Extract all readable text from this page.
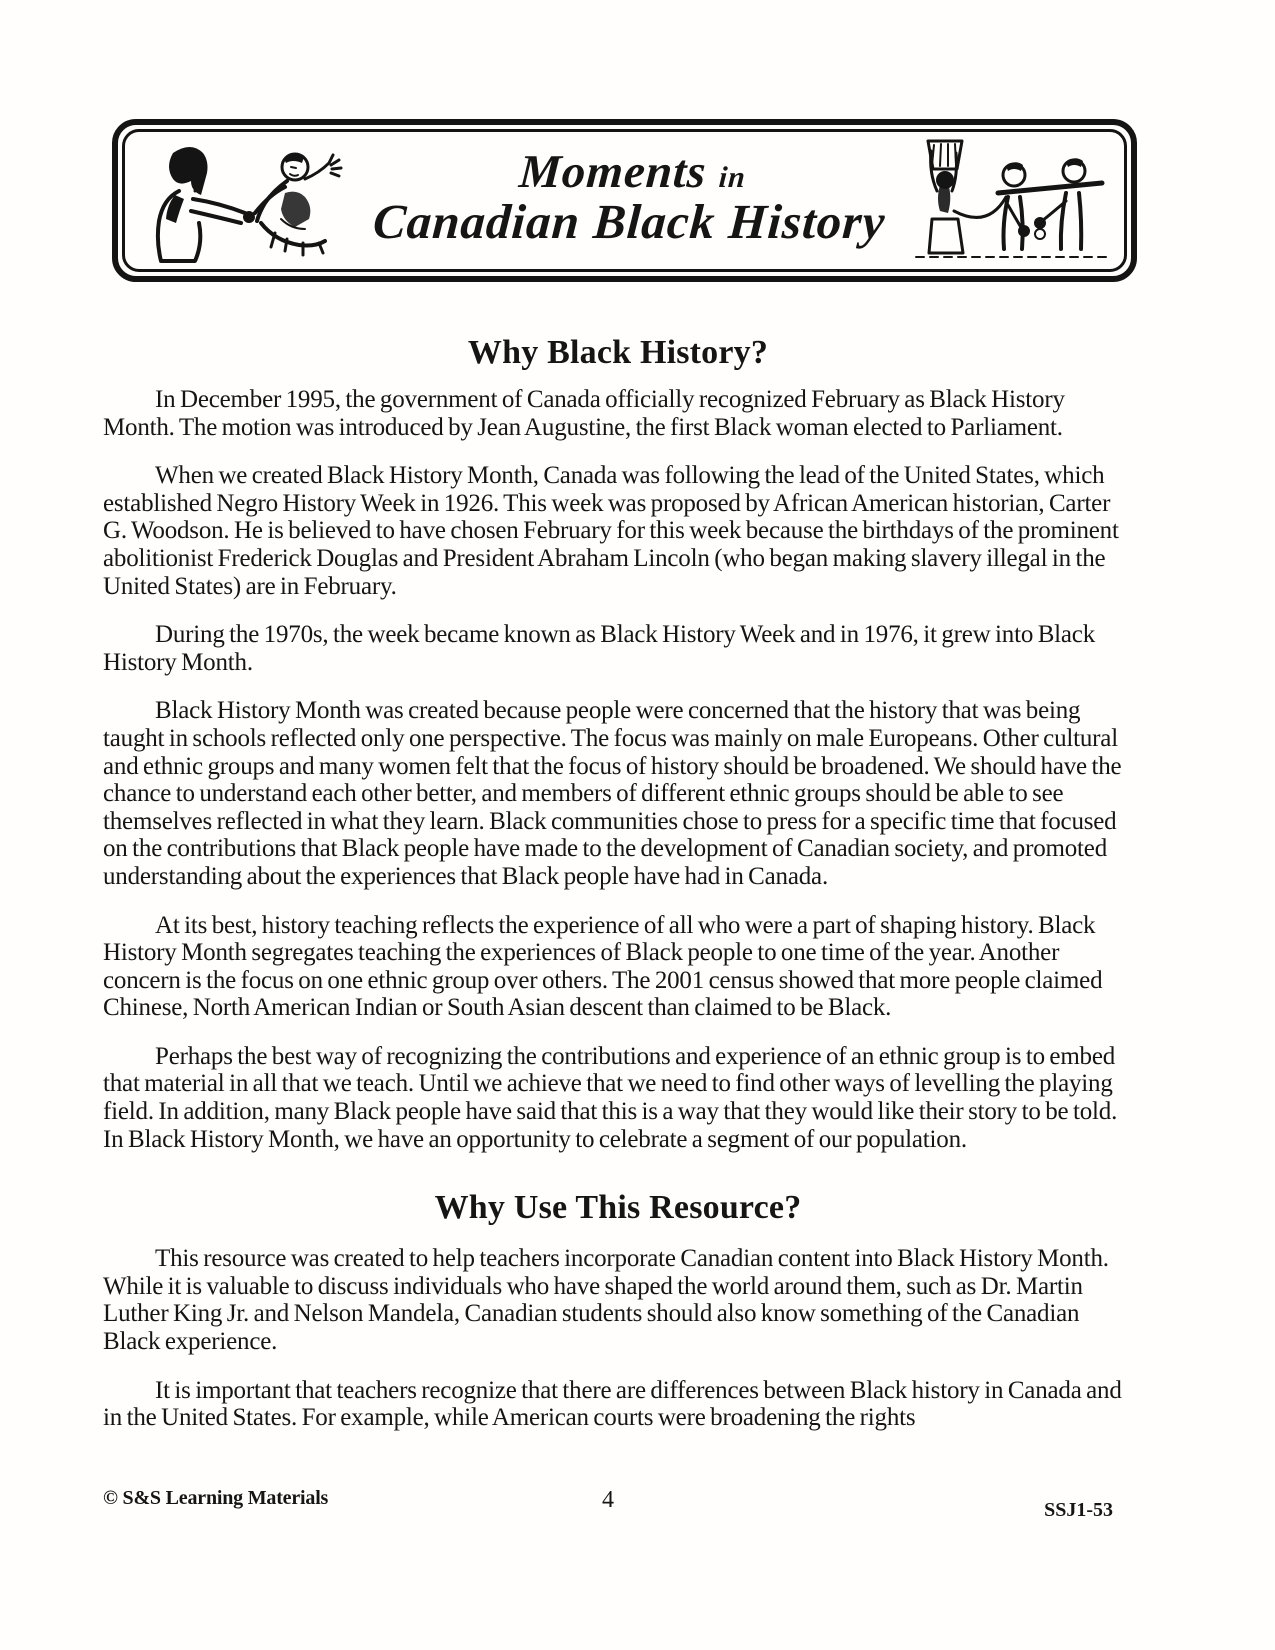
Moments in
Canadian Black History
Why Black History?

In December 1995, the government of Canada officially recognized February as Black History Month. The motion was introduced by Jean Augustine, the first Black woman elected to Parliament.

When we created Black History Month, Canada was following the lead of the United States, which established Negro History Week in 1926. This week was proposed by African American historian, Carter G. Woodson. He is believed to have chosen February for this week because the birthdays of the prominent abolitionist Frederick Douglas and President Abraham Lincoln (who began making slavery illegal in the United States) are in February.

During the 1970s, the week became known as Black History Week and in 1976, it grew into Black History Month.

Black History Month was created because people were concerned that the history that was being taught in schools reflected only one perspective. The focus was mainly on male Europeans. Other cultural and ethnic groups and many women felt that the focus of history should be broadened. We should have the chance to understand each other better, and members of different ethnic groups should be able to see themselves reflected in what they learn. Black communities chose to press for a specific time that focused on the contributions that Black people have made to the development of Canadian society, and promoted understanding about the experiences that Black people have had in Canada.

At its best, history teaching reflects the experience of all who were a part of shaping history. Black History Month segregates teaching the experiences of Black people to one time of the year. Another concern is the focus on one ethnic group over others. The 2001 census showed that more people claimed Chinese, North American Indian or South Asian descent than claimed to be Black.

Perhaps the best way of recognizing the contributions and experience of an ethnic group is to embed that material in all that we teach. Until we achieve that we need to find other ways of levelling the playing field. In addition, many Black people have said that this is a way that they would like their story to be told. In Black History Month, we have an opportunity to celebrate a segment of our population.

Why Use This Resource?

This resource was created to help teachers incorporate Canadian content into Black History Month. While it is valuable to discuss individuals who have shaped the world around them, such as Dr. Martin Luther King Jr. and Nelson Mandela, Canadian students should also know something of the Canadian Black experience.

It is important that teachers recognize that there are differences between Black history in Canada and in the United States. For example, while American courts were broadening the rights

© S&S Learning Materials	4	SSJ1-53
